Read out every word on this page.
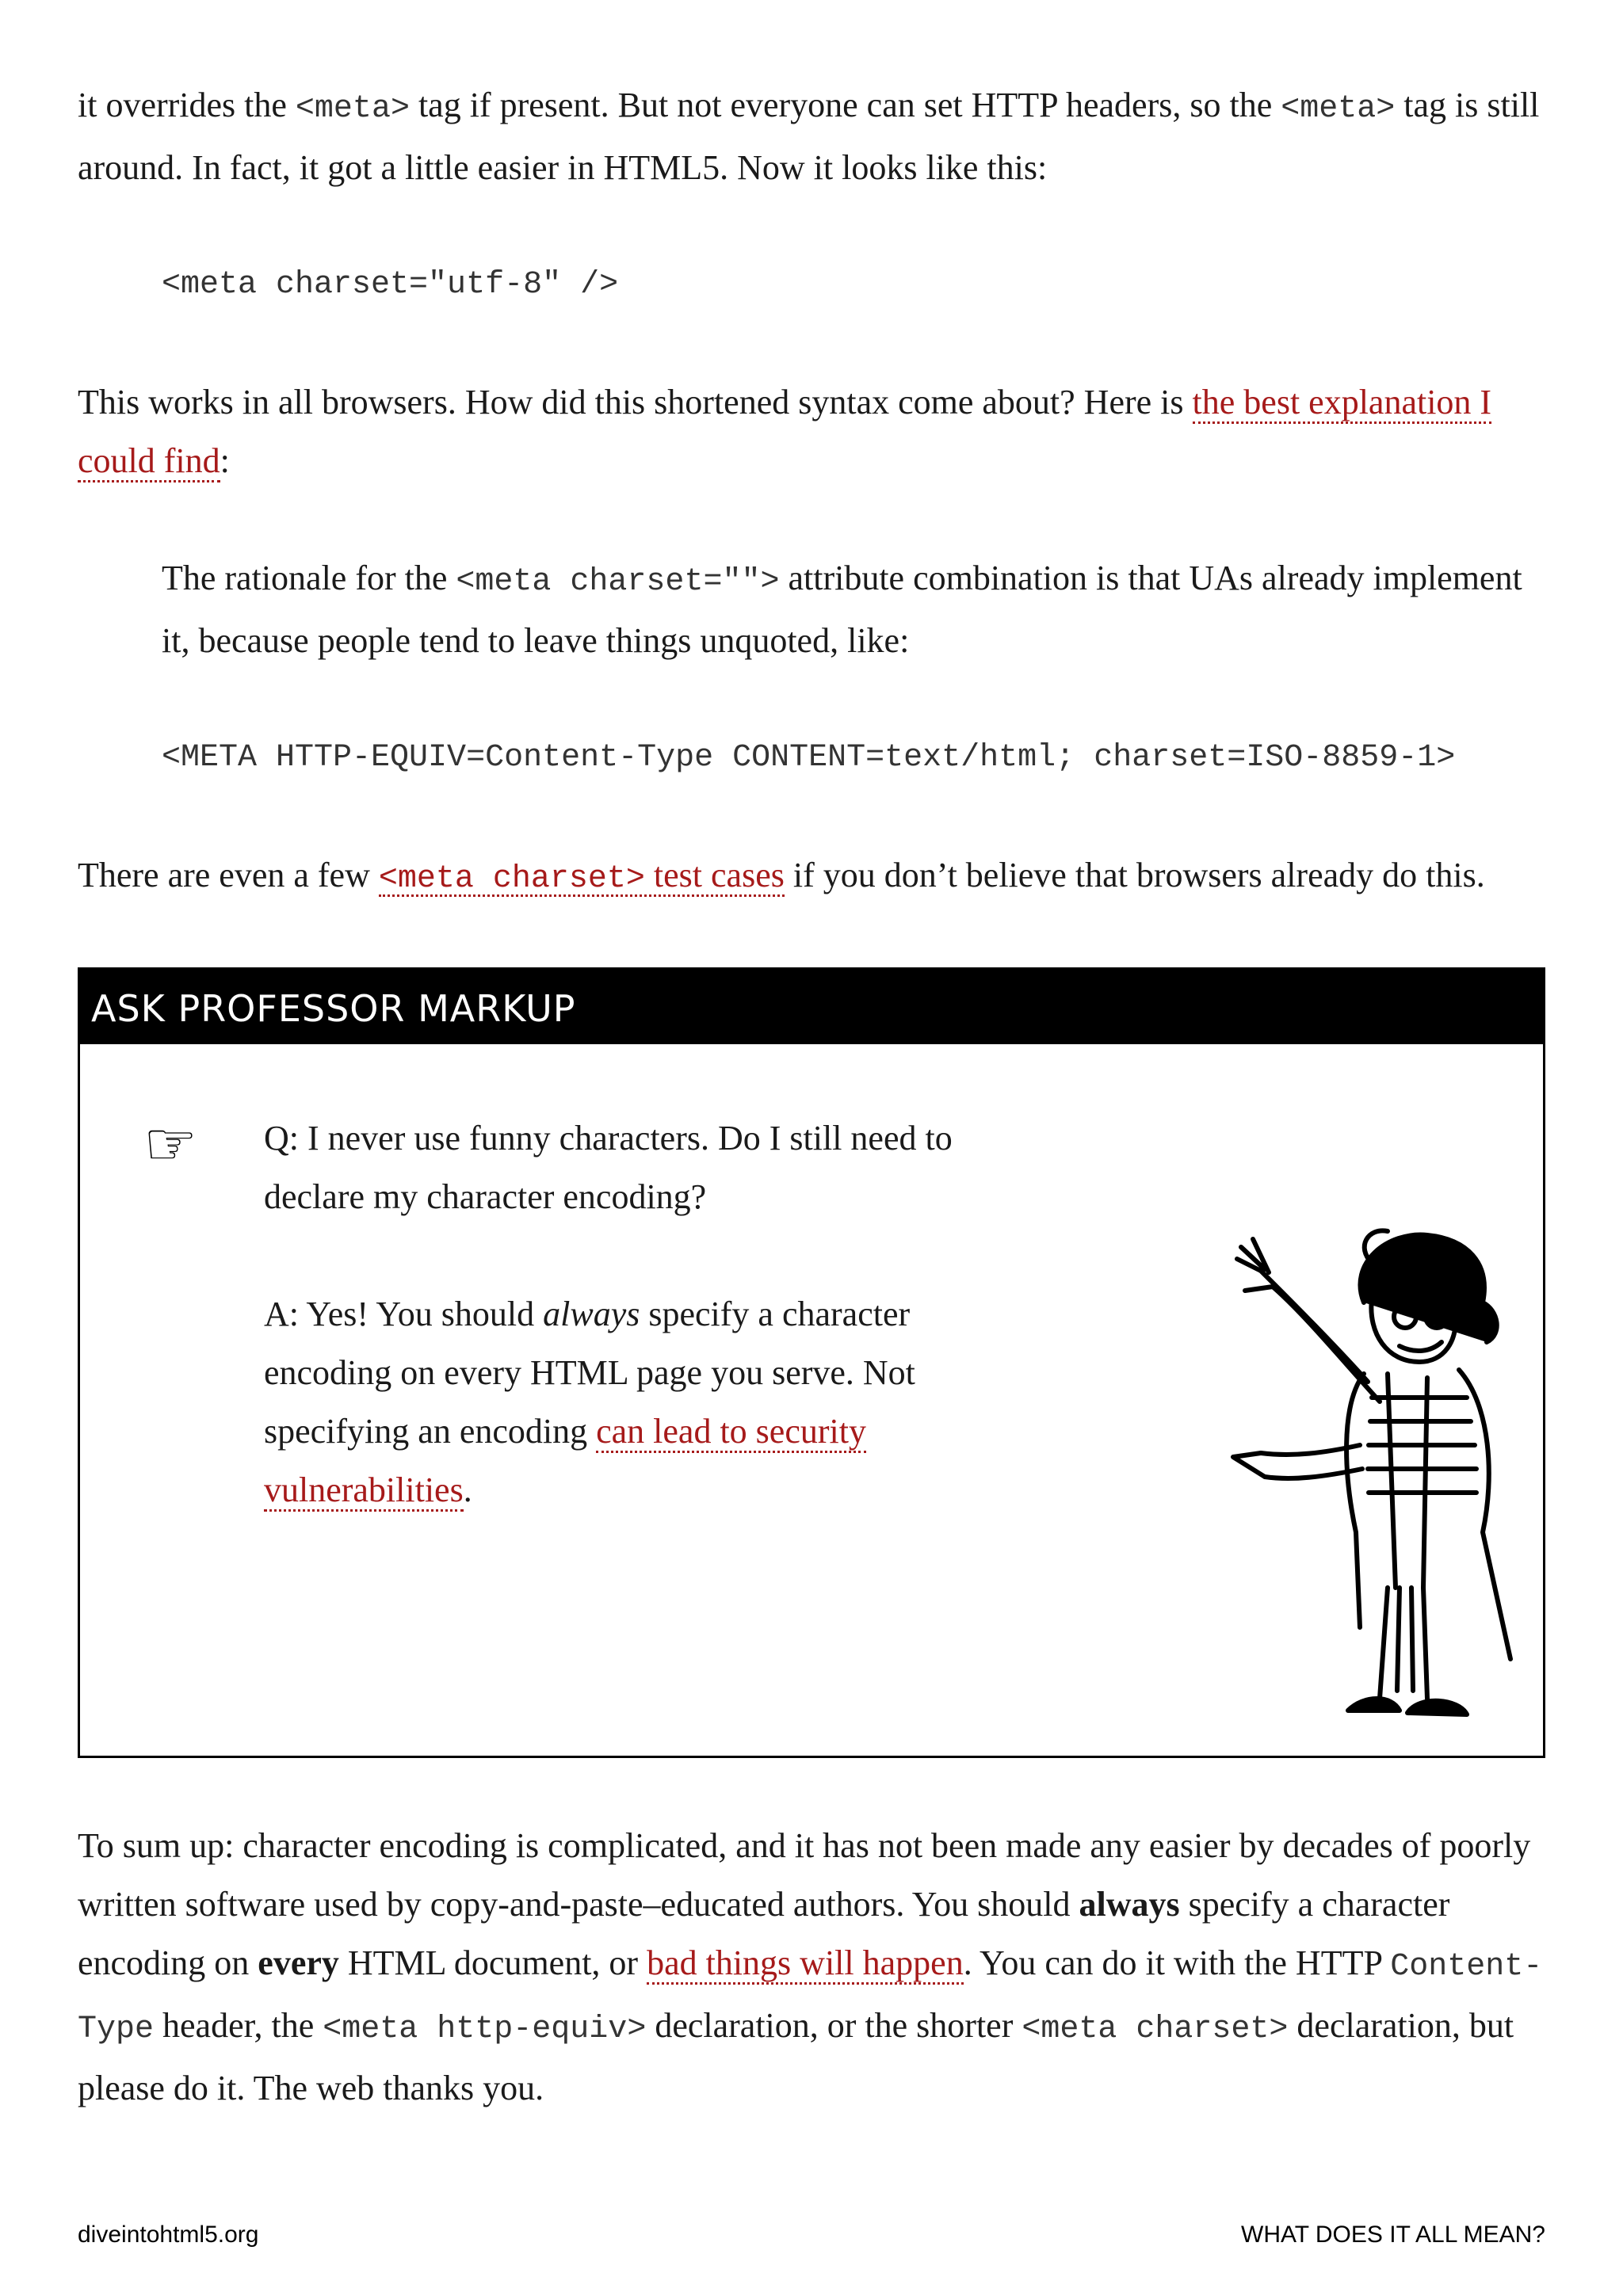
it overrides the <meta> tag if present. But not everyone can set HTTP headers, so the <meta> tag is still around. In fact, it got a little easier in HTML5. Now it looks like this:

<meta charset="utf-8" />

This works in all browsers. How did this shortened syntax come about? Here is the best explanation I could find:

The rationale for the <meta charset=""> attribute combination is that UAs already implement it, because people tend to leave things unquoted, like:

<META HTTP-EQUIV=Content-Type CONTENT=text/html; charset=ISO-8859-1>

There are even a few <meta charset> test cases if you don’t believe that browsers already do this.

ASK PROFESSOR MARKUP
☞ Q: I never use funny characters. Do I still need to declare my character encoding?

A: Yes! You should always specify a character encoding on every HTML page you serve. Not specifying an encoding can lead to security vulnerabilities.

To sum up: character encoding is complicated, and it has not been made any easier by decades of poorly written software used by copy-and-paste–educated authors. You should always specify a character encoding on every HTML document, or bad things will happen. You can do it with the HTTP Content-Type header, the <meta http-equiv> declaration, or the shorter <meta charset> declaration, but please do it. The web thanks you.

diveintohtml5.org	WHAT DOES IT ALL MEAN?
